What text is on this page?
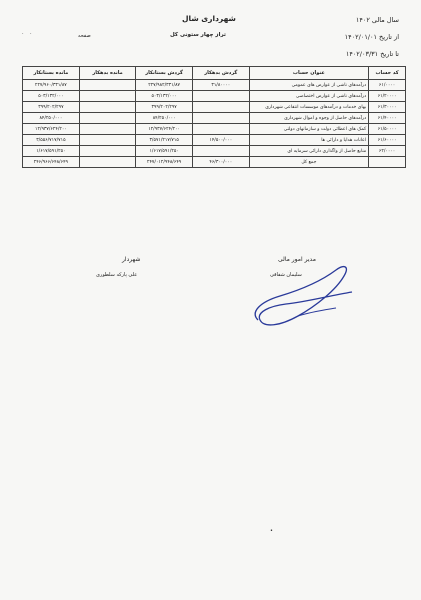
شهرداری شال
تراز چهار ستونی کل
سال مالی ۱۴۰۲
از تاریخ ۱۴۰۲/۰۱/۰۱
تا تاریخ ۱۴۰۲/۰۳/۳۱
صفحه
·    ·
کد حساب	عنوان حساب	گردش بدهکار	گردش بستانکار	مانده بدهکار	مانده بستانکار
۶۱/۰۰۰۰	درآمدهای ناشی از عوارض های عمومی	۳۱/۸۰۰۰۰	۲۲۷/۹۸۲/۳۳۱/۸۷		۲۲۷/۹۶۰/۳۳۱/۸۷
۶۱/۲۰۰۰۰	درآمدهای ناشی از عوارض اختصاصی		۵۰۳/۱۳۲/۰۰۰		۵۰۳/۱۳۲/۰۰۰
۶۱/۳۰۰۰۰	بهای خدمات و درآمدهای موسسات انتفاعی شهرداری		۳۹۹/۲۰۲/۲۹۷		۳۹۹/۲۰۲/۲۹۷
۶۱/۴۰۰۰۰	درآمدهای حاصل از وجوه و اموال شهرداری		۸۴/۲۵۰/۰۰۰		۸۴/۲۵۰/۰۰۰
۶۱/۵۰۰۰۰	کمک های اعطائی دولت و سازمانهای دولتی		۱۲/۹۳۷/۶۲۴/۲۰۰		۱۲/۹۳۷/۶۲۴/۲۰۰
۶۱/۶۰۰۰۰	اعانات هدایا و دارائی ها	۱۴/۵۰۰/۰۰۰	۳/۵۷۱/۲۱۷/۷۱۵		۳/۵۵۶/۷۱۷/۷۱۵
۶۲/۰۰۰۰	منابع حاصل از واگذاری دارائی سرمایه ای		۱/۶۱۷/۵۹۱/۲۵۰		۱/۶۱۷/۵۹۱/۲۵۰
	جمع کل	۴۶/۳۰۰/۰۰۰	۲۴۷/۰۱۲/۹۴۸/۶۴۹		۲۴۶/۹۶۶/۶۴۸/۶۴۹
شهردار
علی پارکه سلطوری
مدیر امور مالی
سلیمان شفاقی
•
